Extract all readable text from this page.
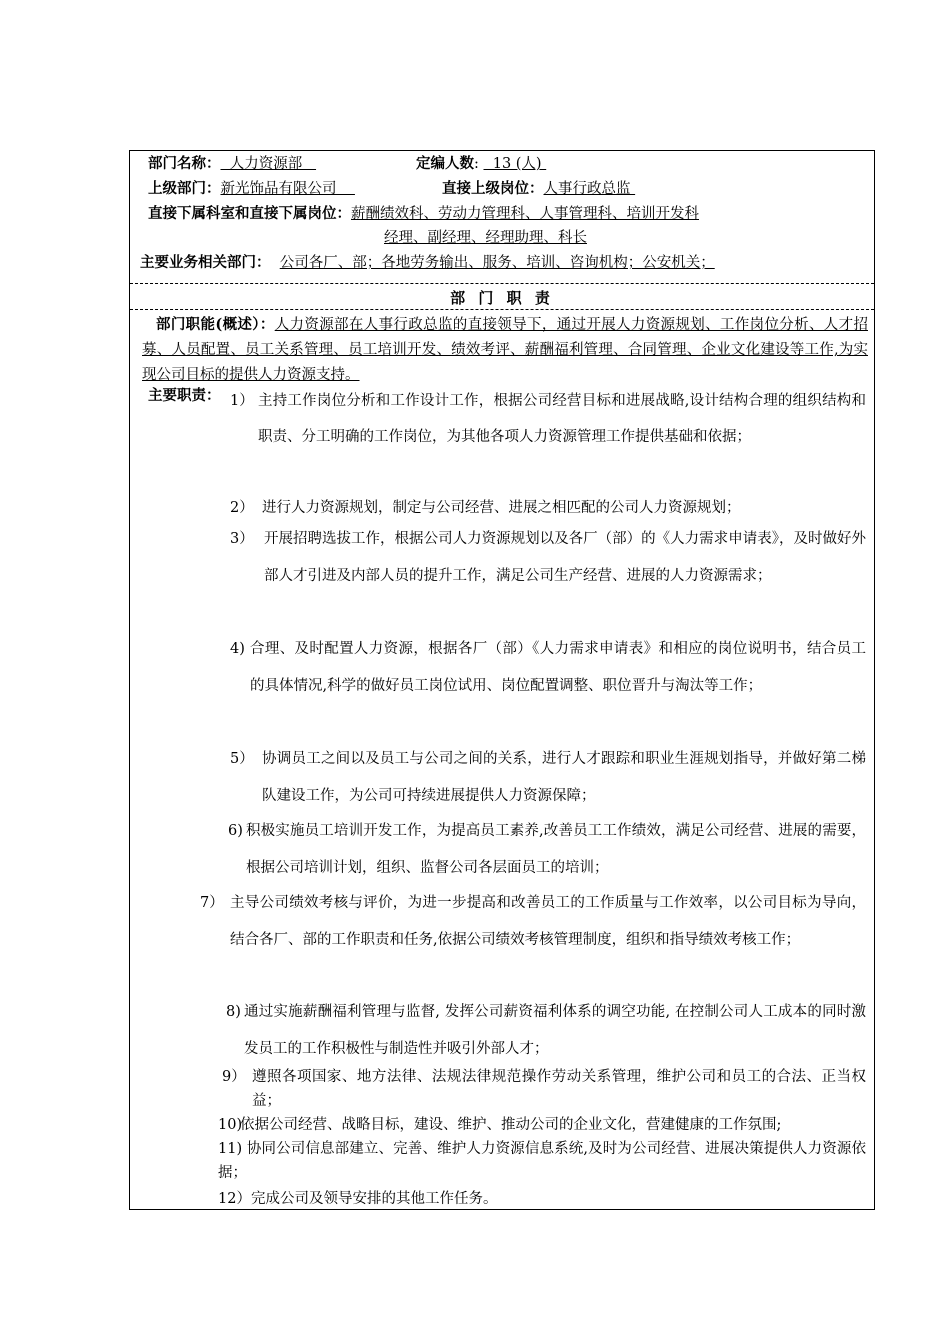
部门名称：  人力资源部	定编人数:   13 (人)
上级部门：新光饰品有限公司	直接上级岗位：人事行政总监
直接下属科室和直接下属岗位：薪酬绩效科、劳动力管理科、人事管理科、培训开发科
经理、副经理、经理助理、科长
主要业务相关部门： 公司各厂、部；各地劳务输出、服务、培训、咨询机构；公安机关；
部 门 职 责
部门职能(概述）：人力资源部在人事行政总监的直接领导下，通过开展人力资源规划、工作岗位分析、人才招募、人员配置、员工关系管理、员工培训开发、绩效考评、薪酬福利管理、合同管理、企业文化建设等工作,为实现公司目标的提供人力资源支持。
主要职责： 1） 主持工作岗位分析和工作设计工作，根据公司经营目标和进展战略,设计结构合理的组织结构和职责、分工明确的工作岗位，为其他各项人力资源管理工作提供基础和依据；
2） 进行人力资源规划，制定与公司经营、进展之相匹配的公司人力资源规划；
3） 开展招聘选拔工作，根据公司人力资源规划以及各厂（部）的《人力需求申请表》，及时做好外部人才引进及内部人员的提升工作，满足公司生产经营、进展的人力资源需求；
4) 合理、及时配置人力资源，根据各厂（部）《人力需求申请表》和相应的岗位说明书，结合员工的具体情况,科学的做好员工岗位试用、岗位配置调整、职位晋升与淘汰等工作；
5） 协调员工之间以及员工与公司之间的关系，进行人才跟踪和职业生涯规划指导，并做好第二梯队建设工作，为公司可持续进展提供人力资源保障；
6) 积极实施员工培训开发工作，为提高员工素养,改善员工工作绩效，满足公司经营、进展的需要，根据公司培训计划，组织、监督公司各层面员工的培训；
7） 主导公司绩效考核与评价，为进一步提高和改善员工的工作质量与工作效率，以公司目标为导向，结合各厂、部的工作职责和任务,依据公司绩效考核管理制度，组织和指导绩效考核工作；
8) 通过实施薪酬福利管理与监督, 发挥公司薪资福利体系的调空功能, 在控制公司人工成本的同时激发员工的工作积极性与制造性并吸引外部人才；
9） 遵照各项国家、地方法律、法规法律规范操作劳动关系管理，维护公司和员工的合法、正当权益；
10)
依据公司经营、战略目标，建设、维护、推动公司的企业文化，营建健康的工作氛围;
11) 协同公司信息部建立、完善、维护人力资源信息系统,及时为公司经营、进展决策提供人力资源依据；
12）完成公司及领导安排的其他工作任务。
